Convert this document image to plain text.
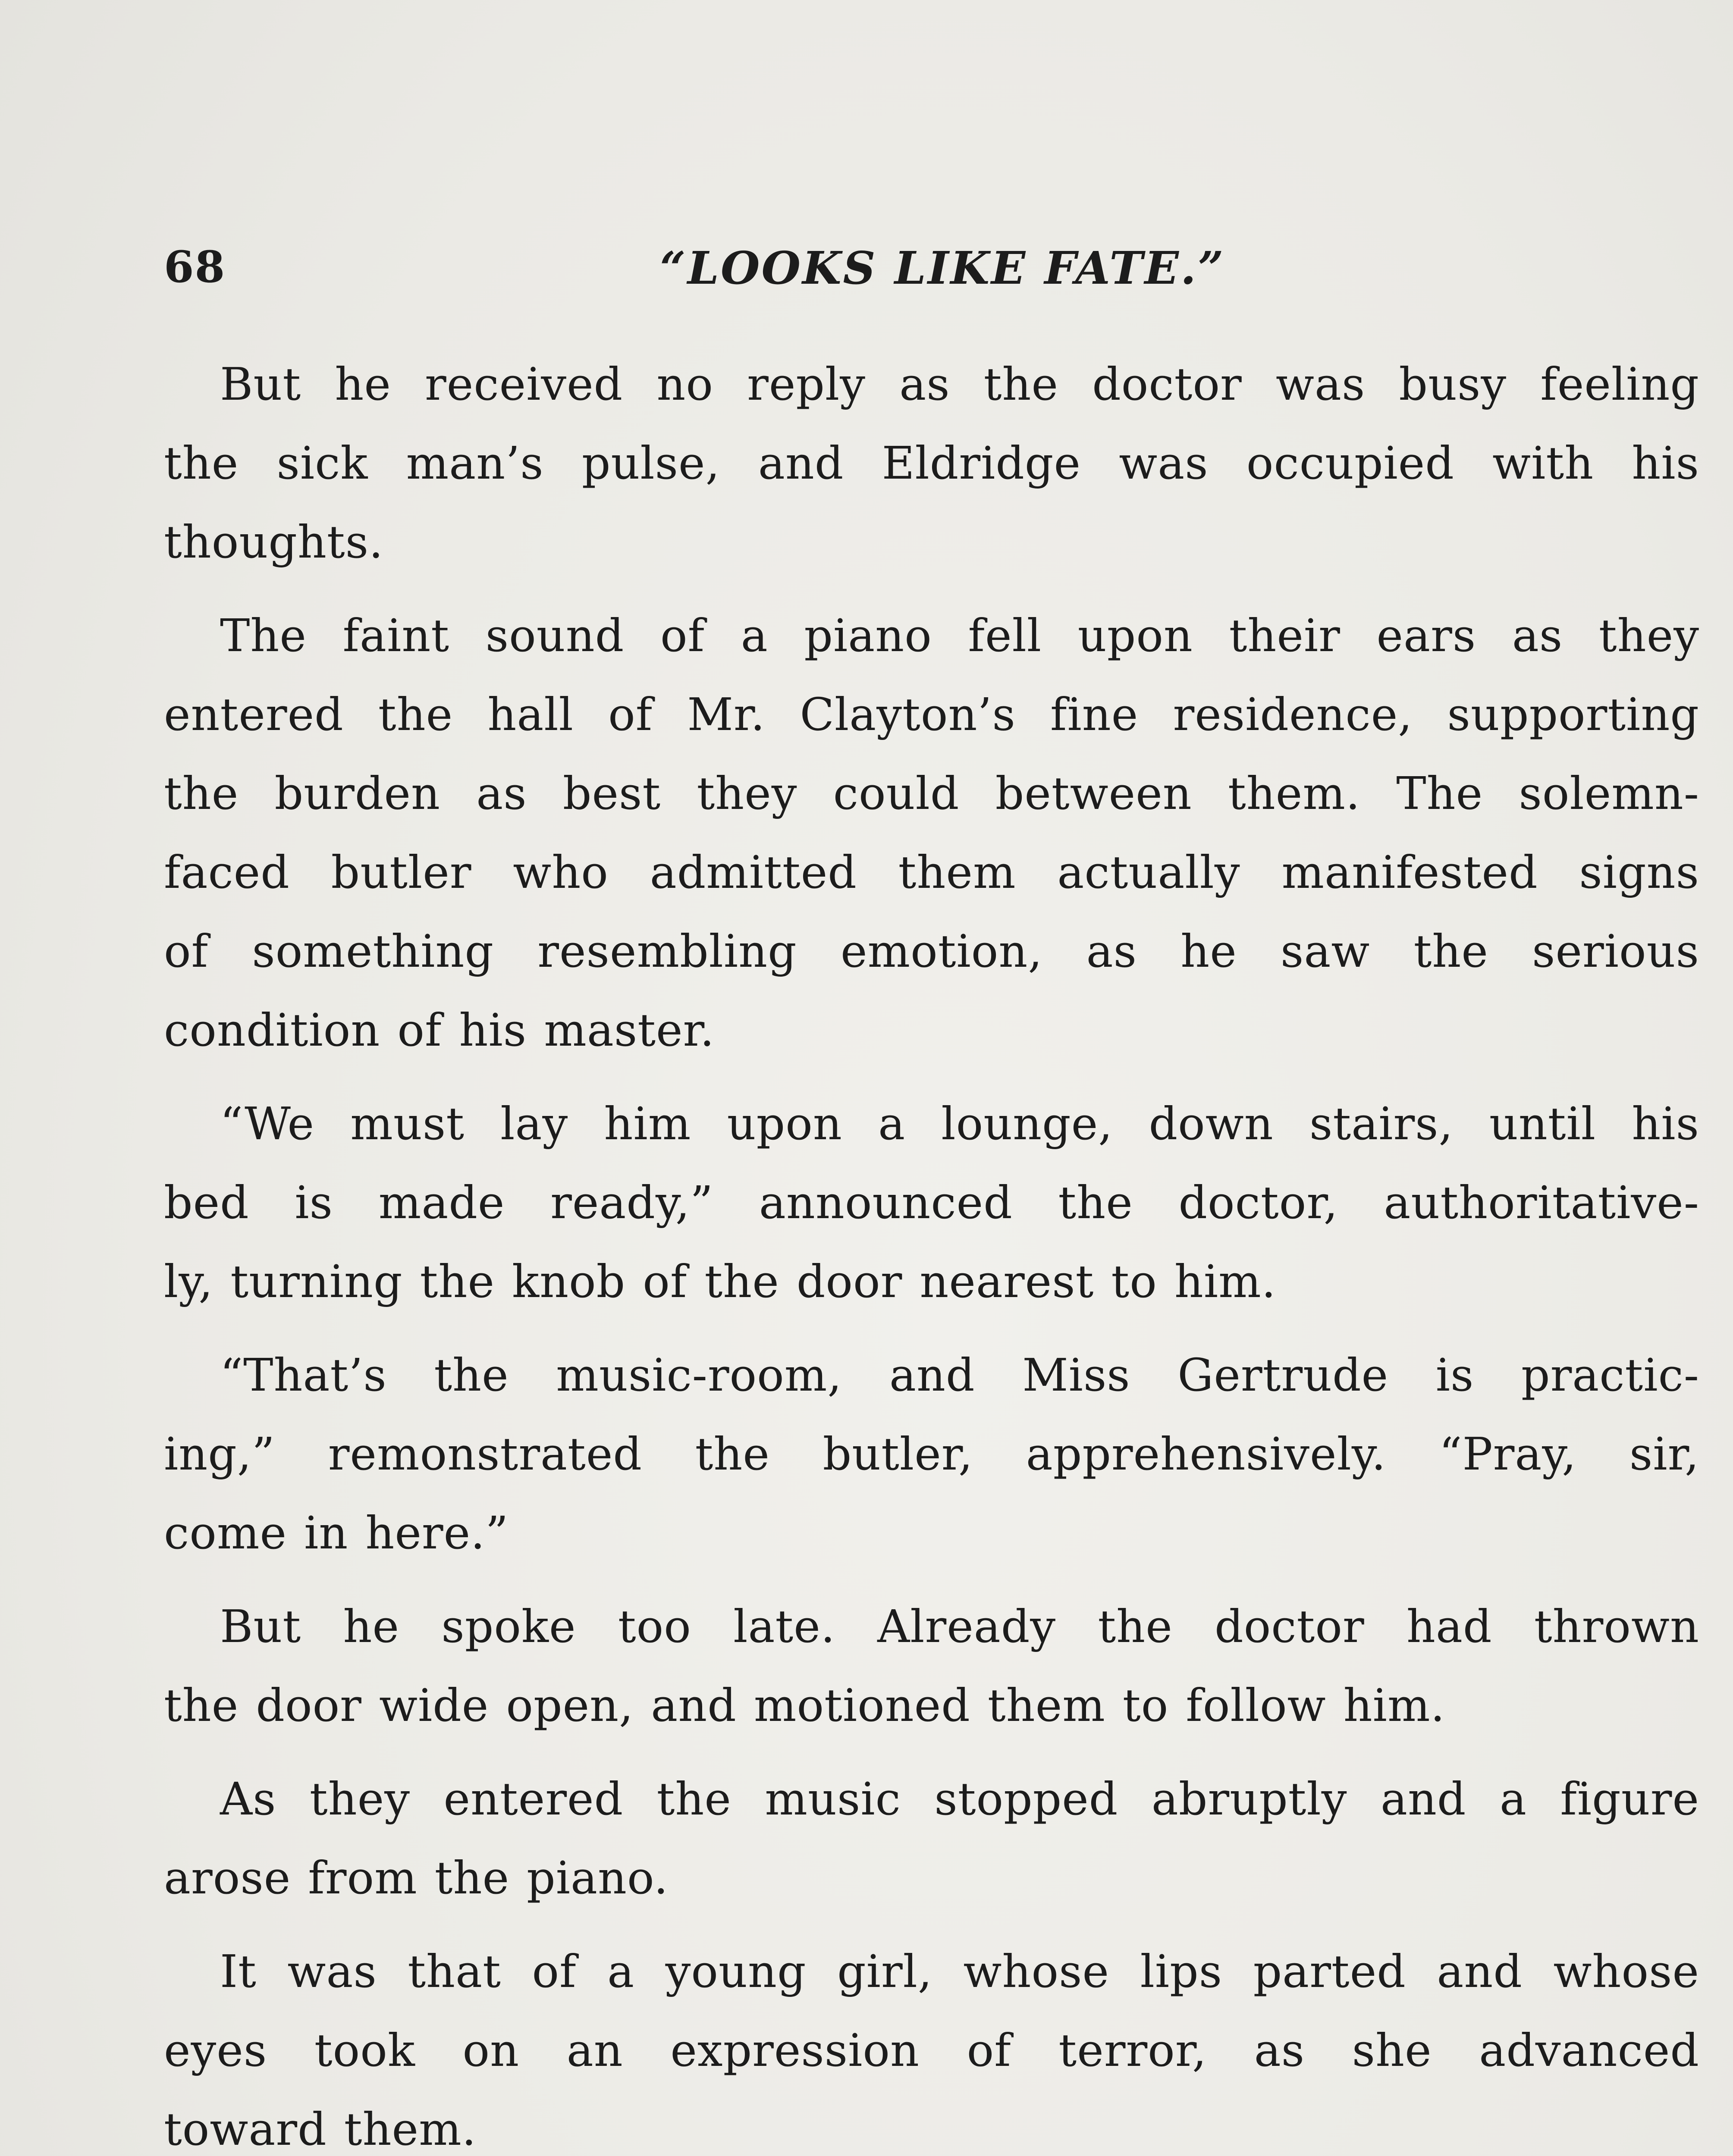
68	“LOOKS LIKE FATE.”
But he received no reply as the doctor was busy feeling
the sick man’s pulse, and Eldridge was occupied with his
thoughts.
The faint sound of a piano fell upon their ears as they
entered the hall of Mr. Clayton’s fine residence, supporting
the burden as best they could between them. The solemn-
faced butler who admitted them actually manifested signs
of something resembling emotion, as he saw the serious
condition of his master.
“We must lay him upon a lounge, down stairs, until his
bed is made ready,” announced the doctor, authoritative-
ly, turning the knob of the door nearest to him.
“That’s the music-room, and Miss Gertrude is practic-
ing,” remonstrated the butler, apprehensively. “Pray, sir,
come in here.”
But he spoke too late. Already the doctor had thrown
the door wide open, and motioned them to follow him.
As they entered the music stopped abruptly and a figure
arose from the piano.
It was that of a young girl, whose lips parted and whose
eyes took on an expression of terror, as she advanced
toward them.
